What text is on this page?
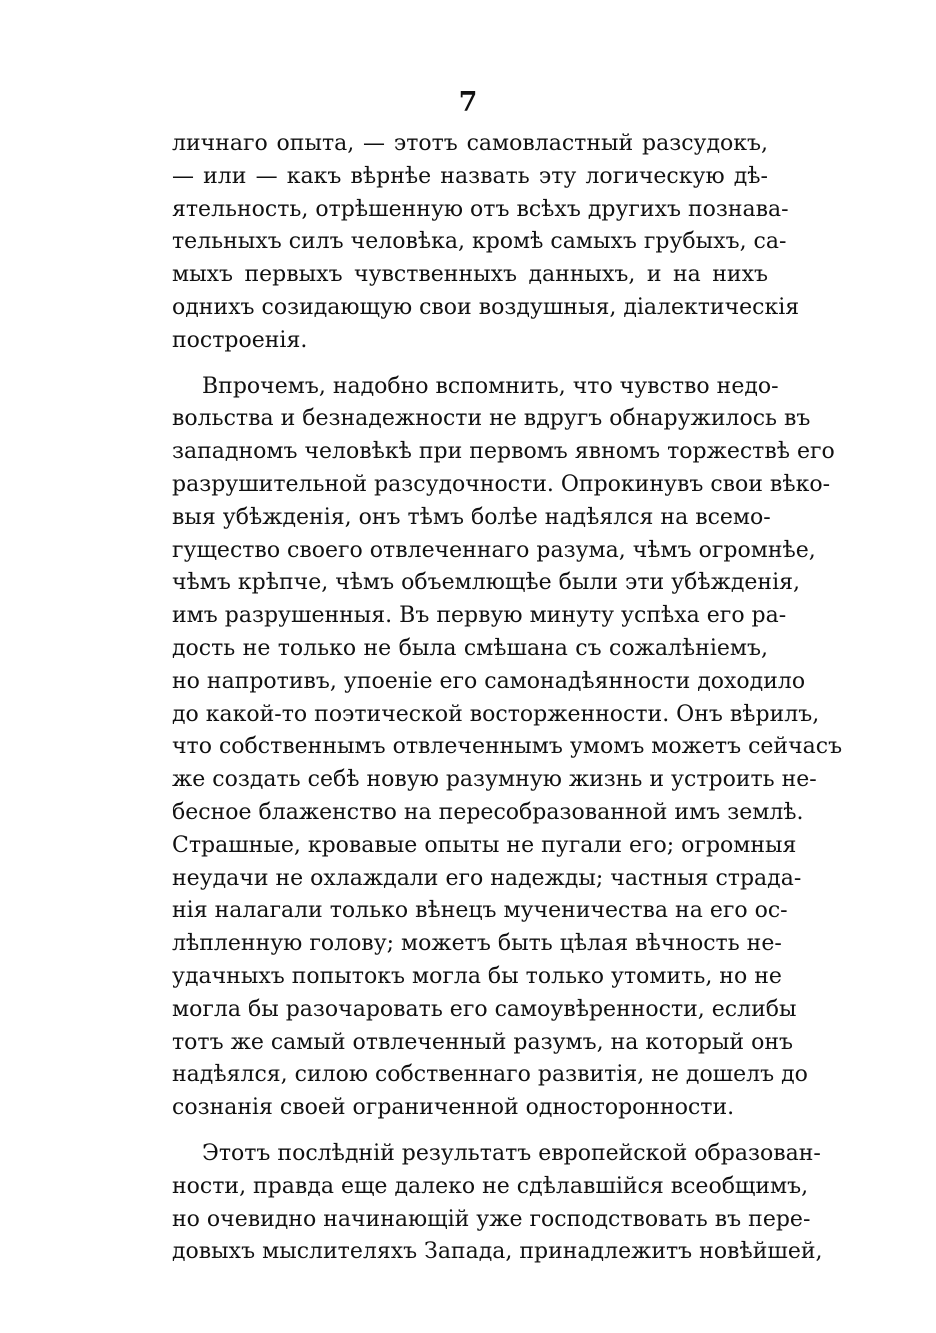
7
личнаго опыта, — этотъ самовластный разсудокъ,
— или — какъ вѣрнѣе назвать эту логическую дѣ-
ятельность, отрѣшенную отъ всѣхъ другихъ познава-
тельныхъ силъ человѣка, кромѣ самыхъ грубыхъ, са-
мыхъ первыхъ чувственныхъ данныхъ, и на нихъ
однихъ созидающую свои воздушныя, діалектическія
построенія.
Впрочемъ, надобно вспомнить, что чувство недо-
вольства и безнадежности не вдругъ обнаружилось въ
западномъ человѣкѣ при первомъ явномъ торжествѣ его
разрушительной разсудочности. Опрокинувъ свои вѣко-
выя убѣжденія, онъ тѣмъ болѣе надѣялся на всемо-
гущество своего отвлеченнаго разума, чѣмъ огромнѣе,
чѣмъ крѣпче, чѣмъ объемлющѣе были эти убѣжденія,
имъ разрушенныя. Въ первую минуту успѣха его ра-
дость не только не была смѣшана съ сожалѣніемъ,
но напротивъ, упоеніе его самонадѣянности доходило
до какой-то поэтической восторженности. Онъ вѣрилъ,
что собственнымъ отвлеченнымъ умомъ можетъ сейчасъ
же создать себѣ новую разумную жизнь и устроить не-
бесное блаженство на пересобразованной имъ землѣ.
Страшные, кровавые опыты не пугали его; огромныя
неудачи не охлаждали его надежды; частныя страда-
нія налагали только вѣнецъ мученичества на его ос-
лѣпленную голову; можетъ быть цѣлая вѣчность не-
удачныхъ попытокъ могла бы только утомить, но не
могла бы разочаровать его самоувѣренности, еслибы
тотъ же самый отвлеченный разумъ, на который онъ
надѣялся, силою собственнаго развитія, не дошелъ до
сознанія своей ограниченной односторонности.
Этотъ послѣдній результатъ европейской образован-
ности, правда еще далеко не сдѣлавшійся всеобщимъ,
но очевидно начинающій уже господствовать въ пере-
довыхъ мыслителяхъ Запада, принадлежитъ новѣйшей,
